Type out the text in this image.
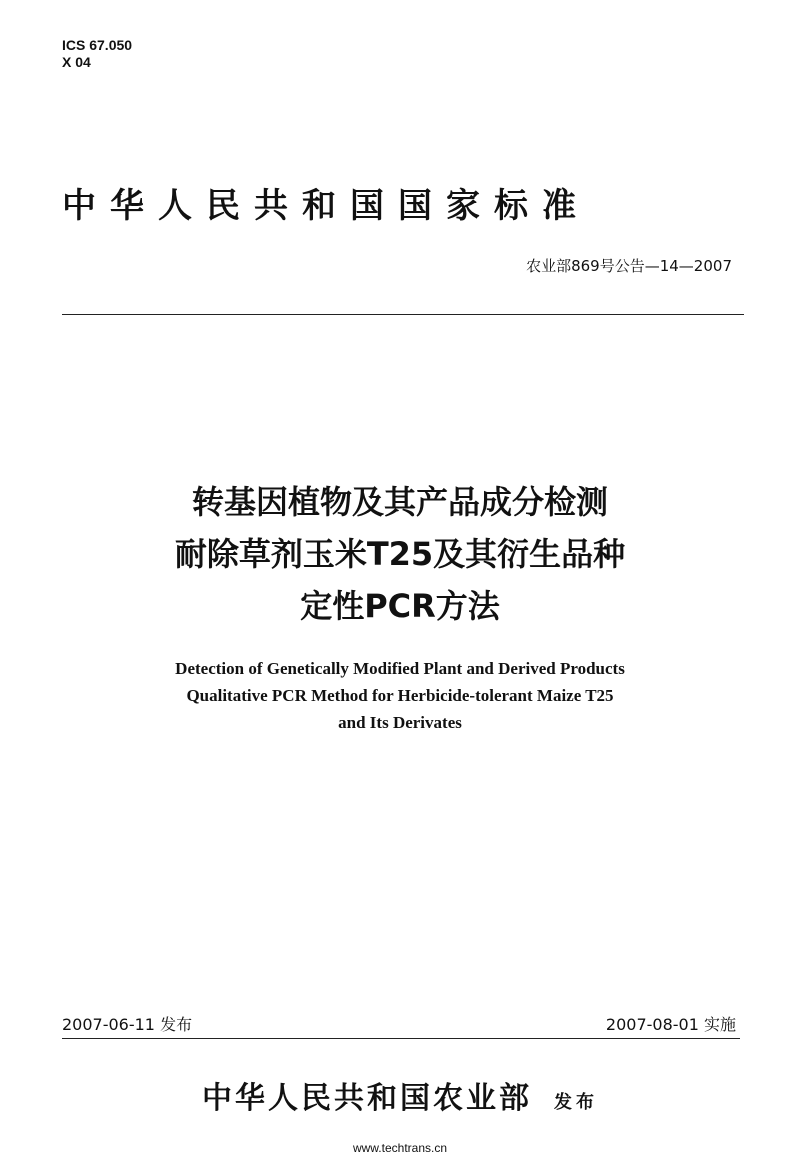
ICS 67.050
X 04
中华人民共和国国家标准
农业部869号公告—14—2007
转基因植物及其产品成分检测
耐除草剂玉米T25及其衍生品种
定性PCR方法
Detection of Genetically Modified Plant and Derived Products
Qualitative PCR Method for Herbicide-tolerant Maize T25
and Its Derivates
2007-06-11 发布	2007-08-01 实施
中华人民共和国农业部 发布
www.techtrans.cn
